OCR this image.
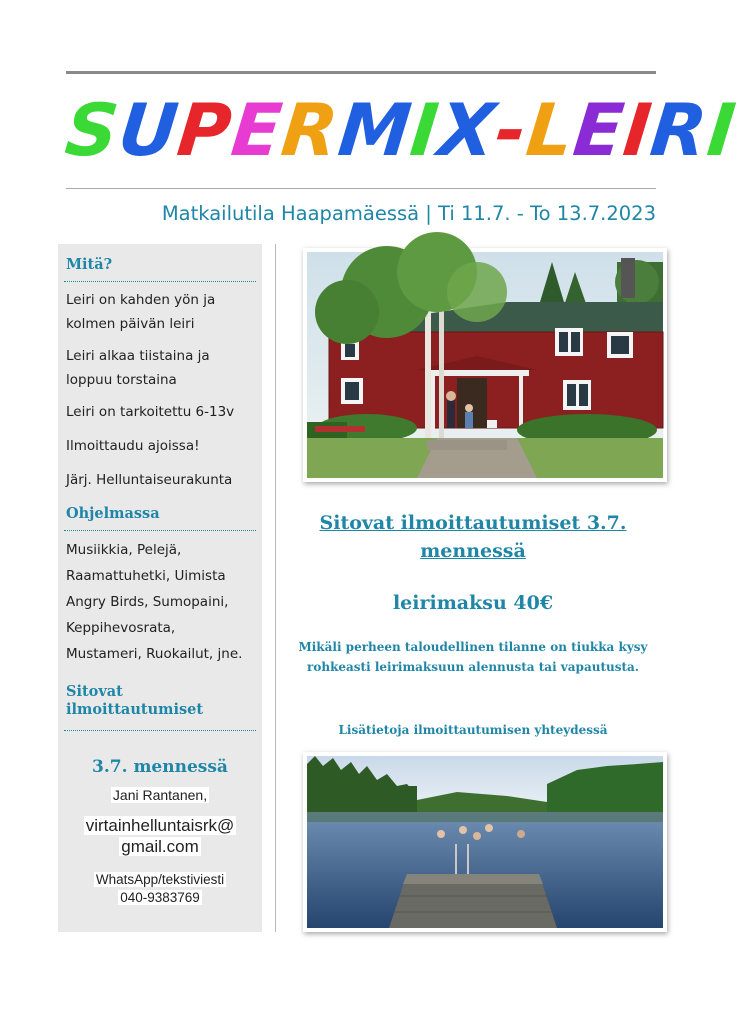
SUPERMIX-LEIRI
Matkailutila Haapamäessä | Ti 11.7. - To 13.7.2023
Mitä?
Leiri on kahden yön ja kolmen päivän leiri
Leiri alkaa tiistaina ja loppuu torstaina
Leiri on tarkoitettu 6-13v
Ilmoittaudu ajoissa!
Järj. Helluntaiseurakunta
Ohjelmassa
Musiikkia, Pelejä,
Raamattuhetki, Uimista
Angry Birds, Sumopaini,
Keppihevosrata,
Mustameri, Ruokailut, jne.
Sitovat ilmoittautumiset
3.7. mennessä
Jani Rantanen,
virtainhelluntaisrk@
gmail.com
WhatsApp/tekstiviesti
040-9383769
Sitovat ilmoittautumiset 3.7. mennessä
leirimaksu 40€
Mikäli perheen taloudellinen tilanne on tiukka kysy rohkeasti leirimaksuun alennusta tai vapautusta.
Lisätietoja ilmoittautumisen yhteydessä
